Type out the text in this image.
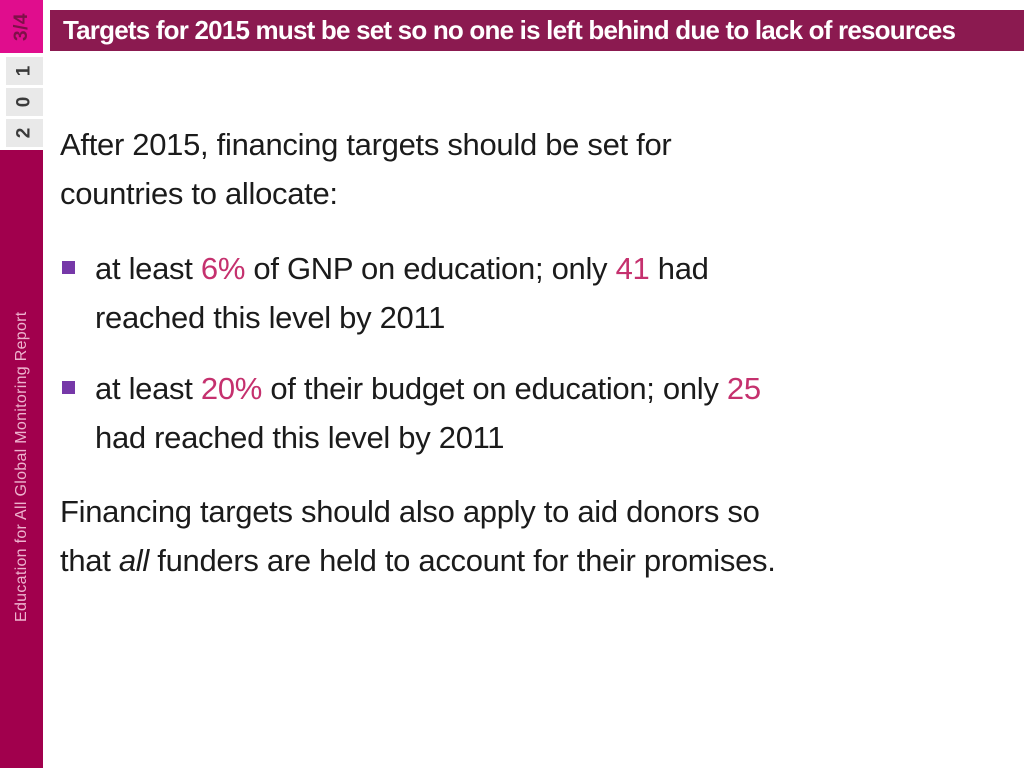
3/4
1
0
2
Education for All Global Monitoring Report
Targets for 2015 must be set so no one is left behind due to lack of resources
After 2015, financing targets should be set for
countries to allocate:
at least 6% of GNP on education; only 41 had
reached this level by 2011
at least 20% of their budget on education; only 25
had reached this level by 2011
Financing targets should also apply to aid donors so
that all funders are held to account for their promises.
